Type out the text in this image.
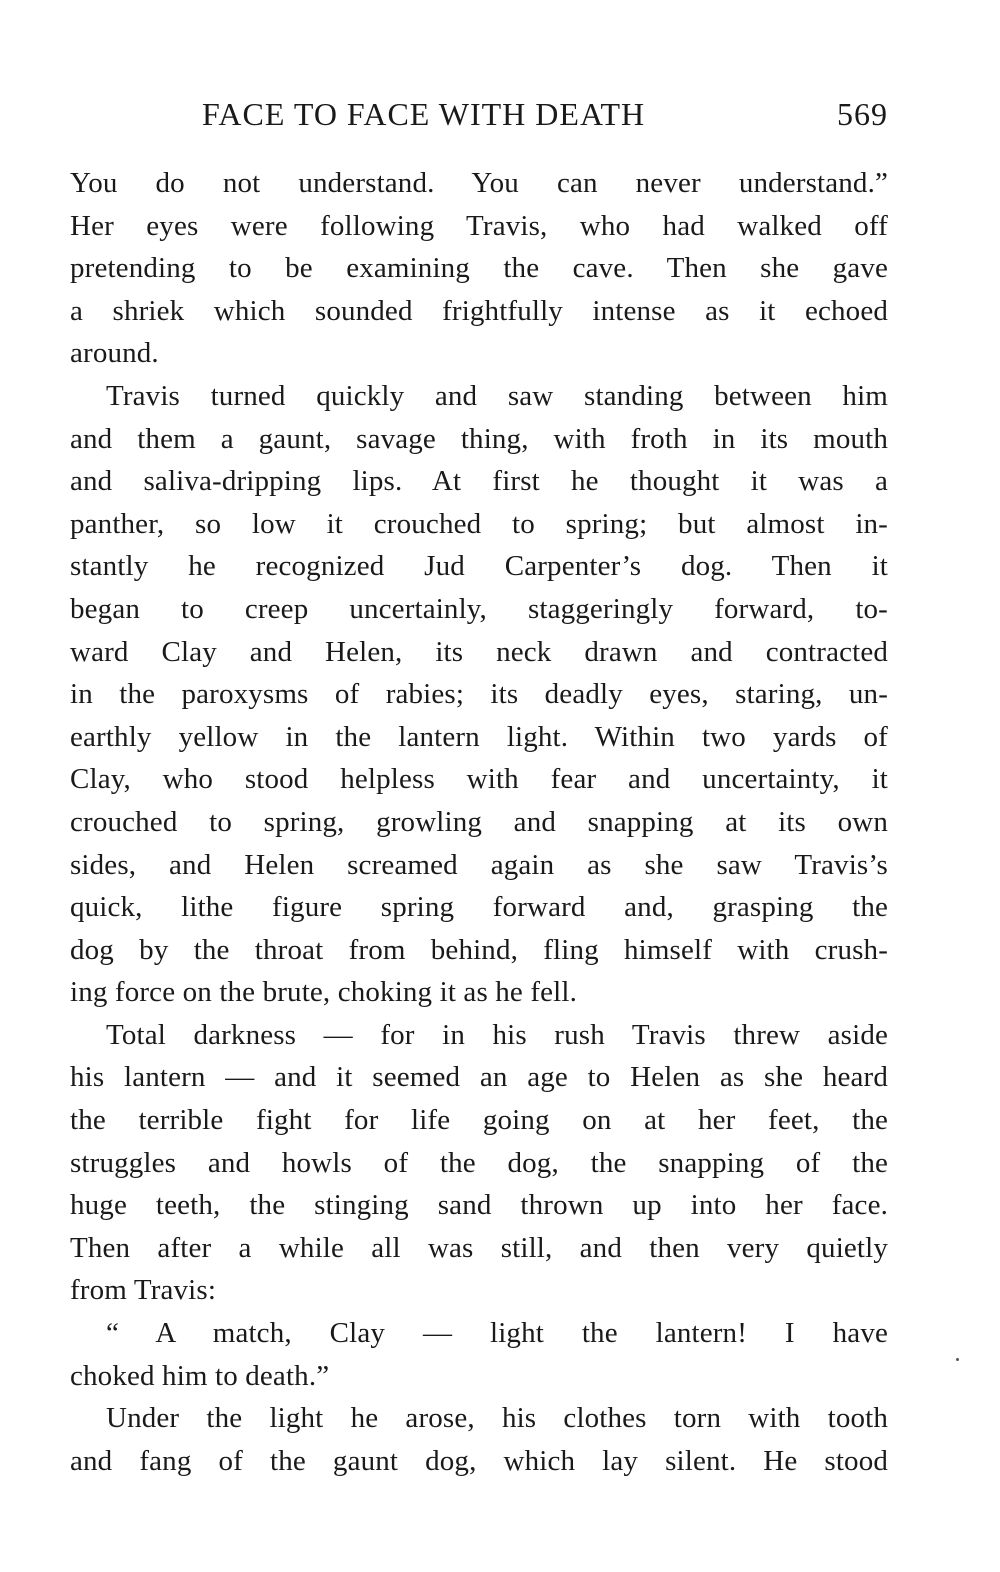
FACE TO FACE WITH DEATH	569
You do not understand. You can never understand.”
Her eyes were following Travis, who had walked off
pretending to be examining the cave. Then she gave
a shriek which sounded frightfully intense as it echoed
around.
Travis turned quickly and saw standing between him
and them a gaunt, savage thing, with froth in its mouth
and saliva-dripping lips. At first he thought it was a
panther, so low it crouched to spring; but almost in-
stantly he recognized Jud Carpenter’s dog. Then it
began to creep uncertainly, staggeringly forward, to-
ward Clay and Helen, its neck drawn and contracted
in the paroxysms of rabies; its deadly eyes, staring, un-
earthly yellow in the lantern light. Within two yards of
Clay, who stood helpless with fear and uncertainty, it
crouched to spring, growling and snapping at its own
sides, and Helen screamed again as she saw Travis’s
quick, lithe figure spring forward and, grasping the
dog by the throat from behind, fling himself with crush-
ing force on the brute, choking it as he fell.
Total darkness — for in his rush Travis threw aside
his lantern — and it seemed an age to Helen as she heard
the terrible fight for life going on at her feet, the
struggles and howls of the dog, the snapping of the
huge teeth, the stinging sand thrown up into her face.
Then after a while all was still, and then very quietly
from Travis:
“ A match, Clay — light the lantern! I have
choked him to death.”
Under the light he arose, his clothes torn with tooth
and fang of the gaunt dog, which lay silent. He stood
